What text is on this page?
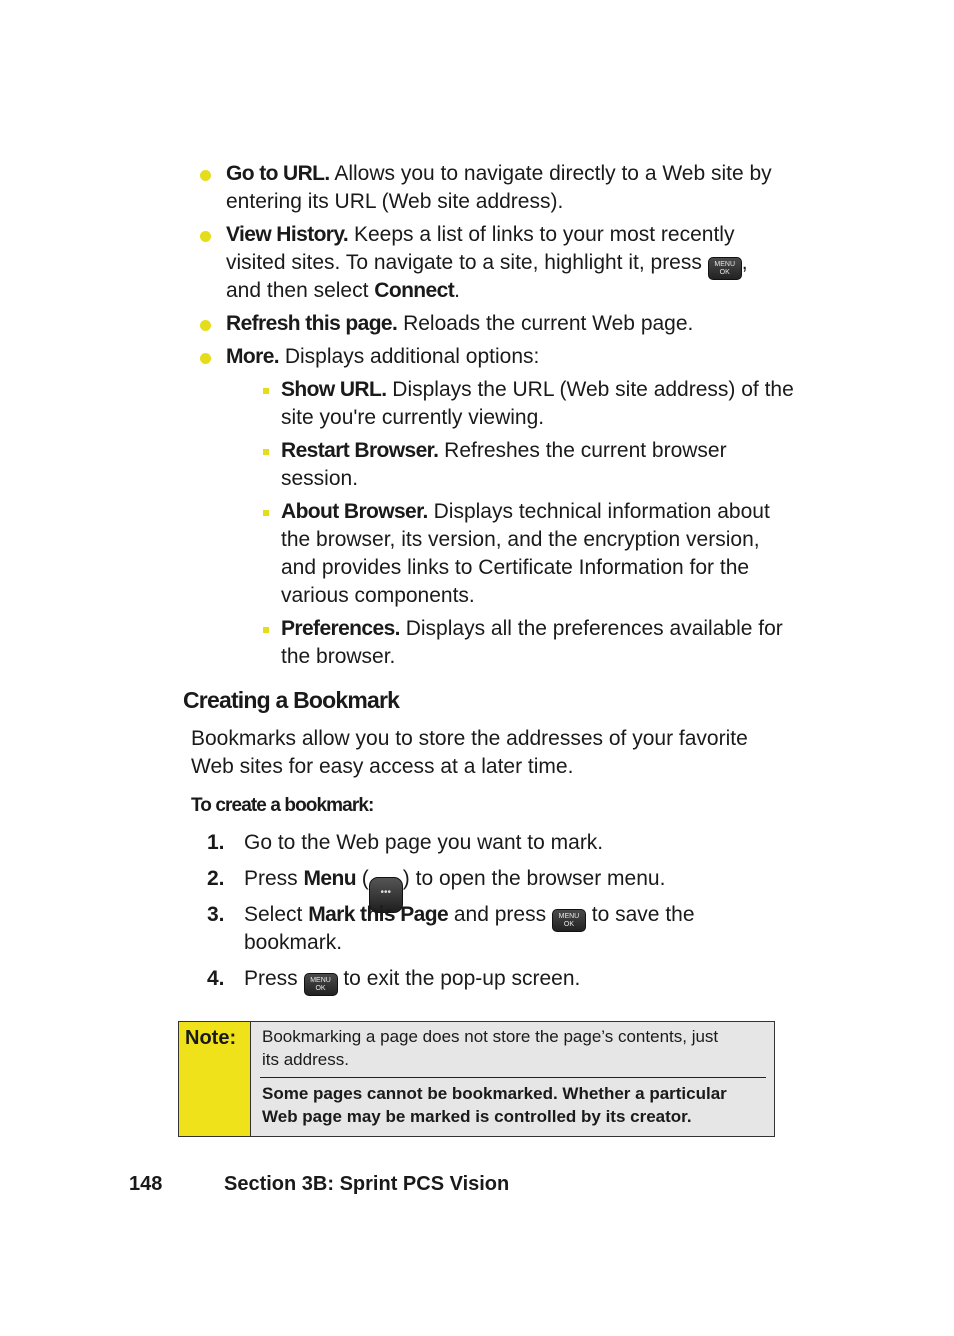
Go to URL. Allows you to navigate directly to a Web site by
entering its URL (Web site address).
View History. Keeps a list of links to your most recently
visited sites. To navigate to a site, highlight it, press MENU
OK ,
and then select Connect.
Refresh this page. Reloads the current Web page.
More. Displays additional options:
Show URL. Displays the URL (Web site address) of the
site you're currently viewing.
Restart Browser. Refreshes the current browser
session.
About Browser. Displays technical information about
the browser, its version, and the encryption version,
and provides links to Certificate Information for the
various components.
Preferences. Displays all the preferences available for
the browser.
Creating a Bookmark
Bookmarks allow you to store the addresses of your favorite
Web sites for easy access at a later time.
To create a bookmark:
1. Go to the Web page you want to mark.
2. Press Menu (•••) to open the browser menu.
3. Select Mark this Page and press MENU
OK to save the
bookmark.
4. Press MENU
OK to exit the pop-up screen.
Note: Bookmarking a page does not store the page’s contents, just
its address.
Some pages cannot be bookmarked. Whether a particular
Web page may be marked is controlled by its creator.
148	Section 3B: Sprint PCS Vision
